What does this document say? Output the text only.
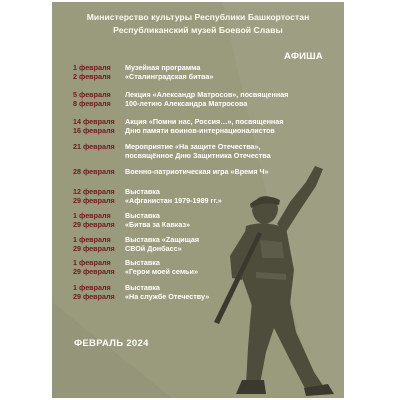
Министерство культуры Республики Башкортостан
Республиканский музей Боевой Славы
АФИША
1 февраля	Музейная программа
2 февраля	«Сталинградская битва»
5 февраля	Лекция «Александр Матросов», посвященная
8 февраля	100-летию Александра Матросова
14 февраля	Акция «Помни нас, Россия…», посвященная
16 февраля	Дню памяти воинов-интернационалистов
21 февраля	Мероприятие «На защите Отечества»,
посвящённое Дню Защитника Отечества
28 февраля	Военно-патриотическая игра «Время Ч»
12 февраля	Выставка
29 февраля	«Афганистан 1979-1989 гг.»
1 февраля	Выставка
29 февраля	«Битва за Кавказ»
1 февраля	Выставка «Zащищая
29 февраля	СВОй Донбасс»
1 февраля	Выставка
29 февраля	«Герои моей семьи»
1 февраля	Выставка
29 февраля	«На службе Отечеству»
ФЕВРАЛЬ 2024
